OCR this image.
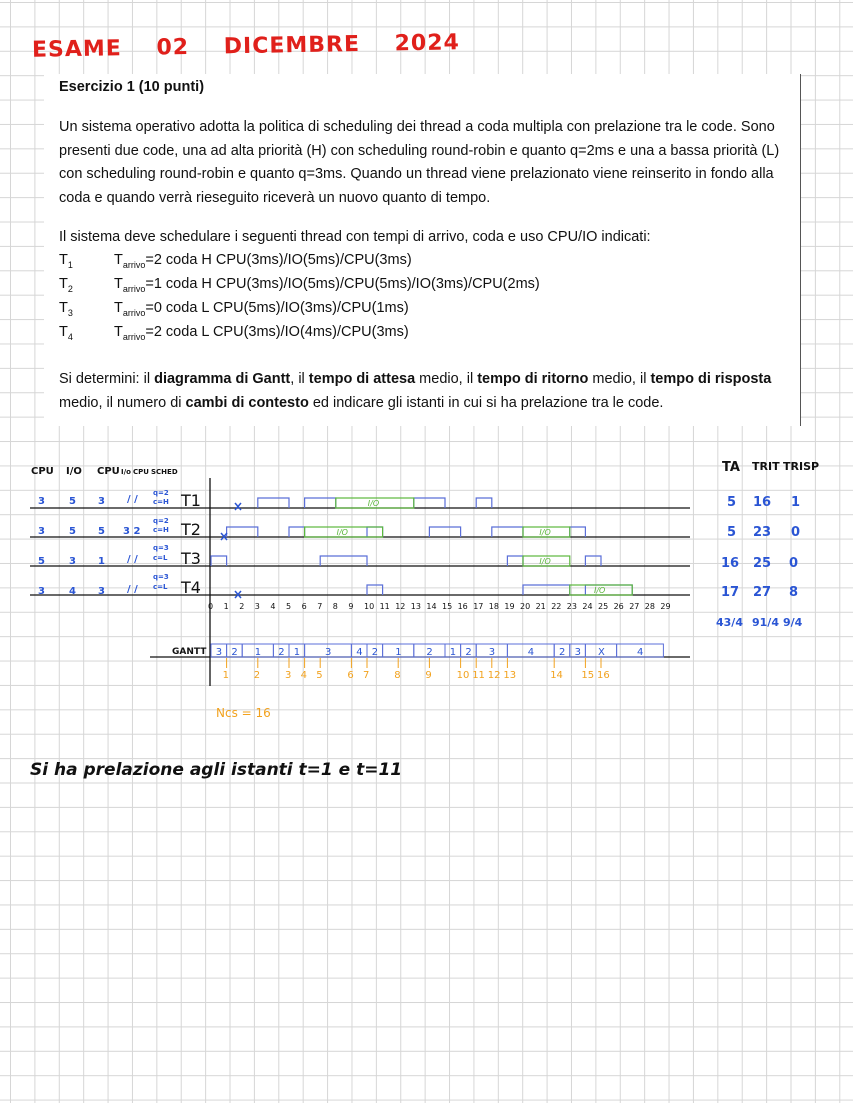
ESAME 02 DICEMBRE 2024
Esercizio 1 (10 punti)
Un sistema operativo adotta la politica di scheduling dei thread a coda multipla con prelazione tra le code. Sono presenti due code, una ad alta priorità (H) con scheduling round-robin e quanto q=2ms e una a bassa priorità (L) con scheduling round-robin e quanto q=3ms. Quando un thread viene prelazionato viene reinserito in fondo alla coda e quando verrà rieseguito riceverà un nuovo quanto di tempo.
Il sistema deve schedulare i seguenti thread con tempi di arrivo, coda e uso CPU/IO indicati:
$T_1$	$T_{arrivo}=2$ coda H CPU(3ms)/IO(5ms)/CPU(3ms)
$T_2$	$T_{arrivo}=1$ coda H CPU(3ms)/IO(5ms)/CPU(5ms)/IO(3ms)/CPU(2ms)
$T_3$	$T_{arrivo}=0$ coda L CPU(5ms)/IO(3ms)/CPU(1ms)
$T_4$	$T_{arrivo}=2$ coda L CPU(3ms)/IO(4ms)/CPU(3ms)
Si determini: il diagramma di Gantt, il tempo di attesa medio, il tempo di ritorno medio, il tempo di risposta medio, il numero di cambi di contesto ed indicare gli istanti in cui si ha prelazione tra le code.
CPU I/O CPU I/o CPU SCHED
3 5 3 / /
q=2
c=H
3 5 5 3 2
q=2
c=H
5 3 1 / /
q=3
c=L
3 4 3 / /
q=3
c=L
T1
T2
T3
T4
TA TRIT TRISP
5 16 1
5 23 0
16 25 0
17 27 8
43/4 91/4 9/4
0 1 2 3 4 5 6 7 8 9 10 11 12 13 14 15 16 17 18 19 20 21 22 23 24 25 26 27 28 29
I/O
I/O	I/O
I/O
I/O
3 2 1 2 1 3 4 2 1 2 1 2 3	4 2 3 X	4
1 2 3 4 5 6 7 8 9 10 11 12 13	14 15 16
GANTT
Ncs = 16
Si ha prelazione agli istanti t=1 e t=11
